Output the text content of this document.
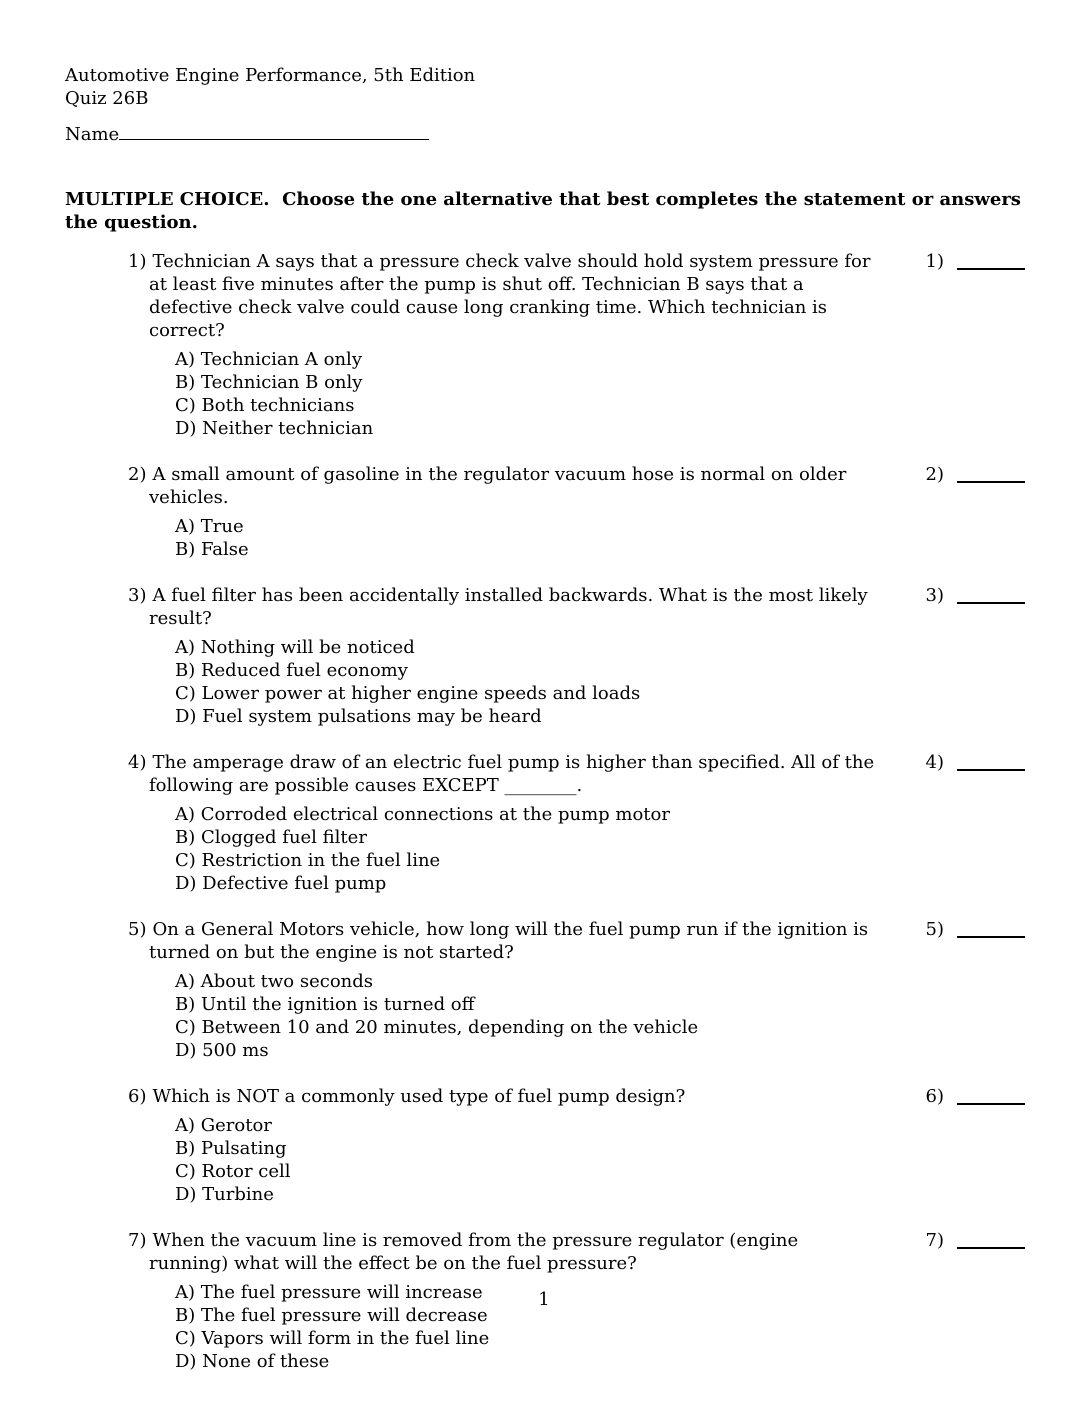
Automotive Engine Performance, 5th Edition
Quiz 26B
Name
MULTIPLE CHOICE.  Choose the one alternative that best completes the statement or answers the question.
1) Technician A says that a pressure check valve should hold system pressure for at least five minutes after the pump is shut off. Technician B says that a defective check valve could cause long cranking time. Which technician is correct?
1)
A) Technician A only
B) Technician B only
C) Both technicians
D) Neither technician
2) A small amount of gasoline in the regulator vacuum hose is normal on older vehicles.
2)
A) True
B) False
3) A fuel filter has been accidentally installed backwards. What is the most likely result?
3)
A) Nothing will be noticed
B) Reduced fuel economy
C) Lower power at higher engine speeds and loads
D) Fuel system pulsations may be heard
4) The amperage draw of an electric fuel pump is higher than specified. All of the following are possible causes EXCEPT ________.
4)
A) Corroded electrical connections at the pump motor
B) Clogged fuel filter
C) Restriction in the fuel line
D) Defective fuel pump
5) On a General Motors vehicle, how long will the fuel pump run if the ignition is turned on but the engine is not started?
5)
A) About two seconds
B) Until the ignition is turned off
C) Between 10 and 20 minutes, depending on the vehicle
D) 500 ms
6) Which is NOT a commonly used type of fuel pump design?	6)
A) Gerotor
B) Pulsating
C) Rotor cell
D) Turbine
7) When the vacuum line is removed from the pressure regulator (engine running) what will the effect be on the fuel pressure?
7)
A) The fuel pressure will increase
B) The fuel pressure will decrease
C) Vapors will form in the fuel line
D) None of these
1
